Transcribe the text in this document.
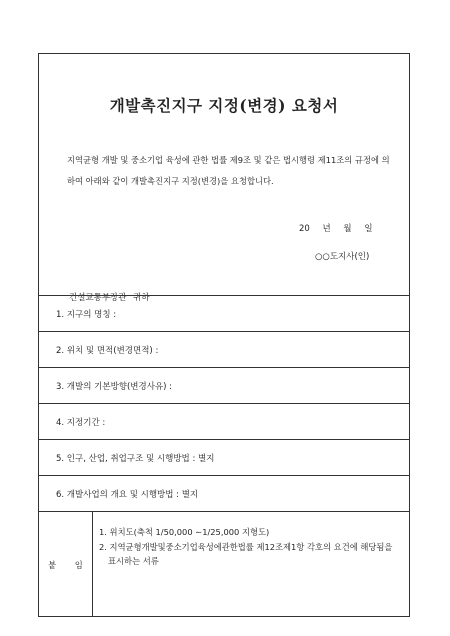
개발촉진지구 지정(변경) 요청서
지역균형 개발 및 중소기업 육성에 관한 법률 제9조 및 같은 법시행령 제11조의 규정에 의하여 아래와 같이 개발촉진지구 지정(변경)을 요청합니다.
20 년 월 일
○○도지사(인)
건설교통부장관 귀하
1. 지구의 명칭 :
2. 위치 및 면적(변경면적) :
3. 개발의 기본방향(변경사유) :
4. 지정기간 :
5. 인구, 산업, 취업구조 및 시행방법 : 별지
6. 개발사업의 개요 및 시행방법 : 별지
붙 임
1. 위치도(축척 1/50,000 ∼1/25,000 지형도)
2. 지역균형개발및중소기업육성에관한법률 제12조제1항 각호의 요건에 해당됨을
표시하는 서류
